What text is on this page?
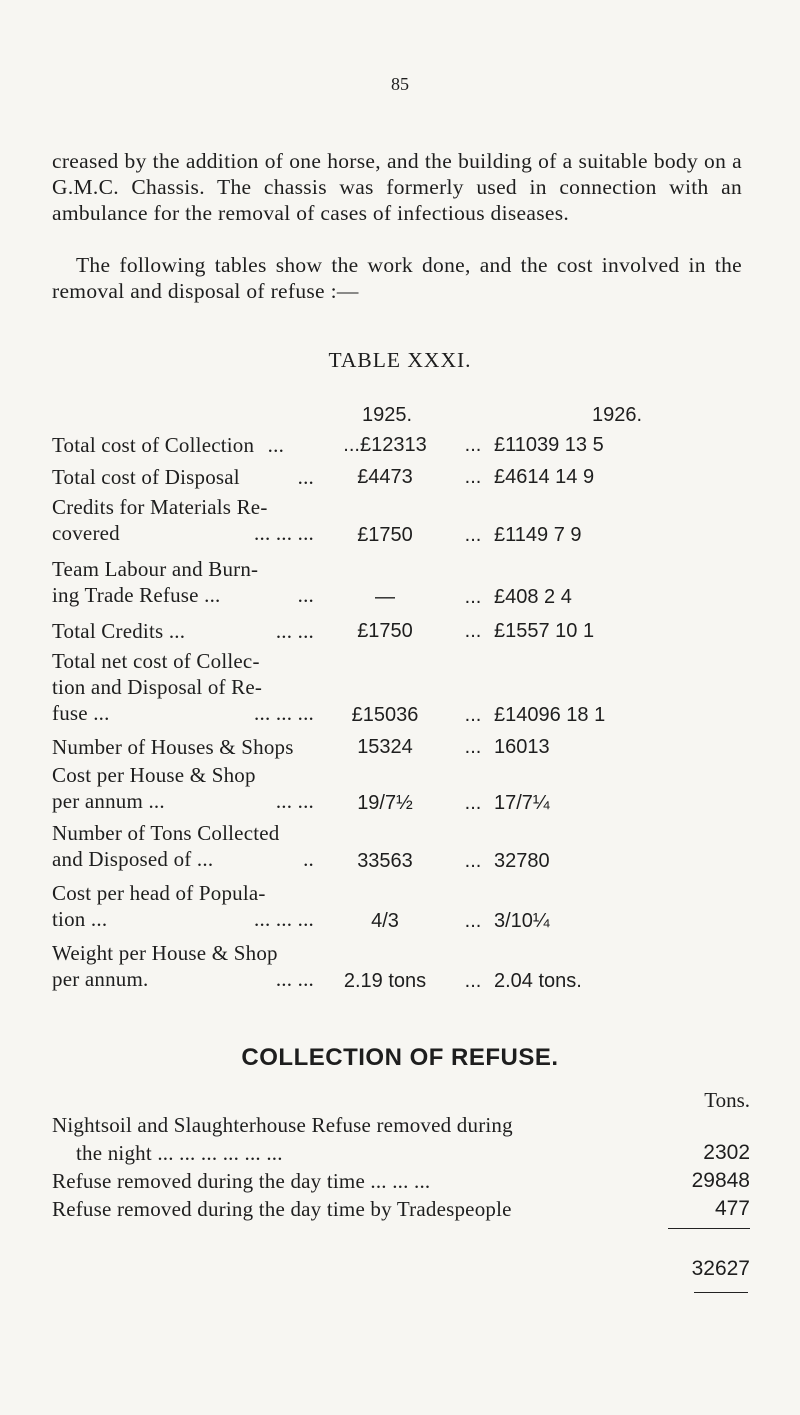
85

creased by the addition of one horse, and the building of a suitable body on a G.M.C. Chassis. The chassis was formerly used in connection with an ambulance for the removal of cases of infectious diseases.

The following tables show the work done, and the cost involved in the removal and disposal of refuse :—

TABLE XXXI.
1925.	1926.
Total cost of Collection ...	...£12313	... £11039 13 5
Total cost of Disposal	...	£4473	... £4614 14 9
Credits for Materials Re-
covered	... ... ...	£1750	... £1149 7 9
Team Labour and Burn-
ing Trade Refuse ...	...	—	... £408 2 4
Total Credits ...	... ...	£1750	... £1557 10 1
Total net cost of Collec-
tion and Disposal of Re-
fuse ...	... ... ...	£15036	... £14096 18 1
Number of Houses & Shops	15324	... 16013
Cost per House & Shop
per annum ...	... ...	19/7½	... 17/7¼
Number of Tons Collected
and Disposed of ...	..	33563	... 32780
Cost per head of Popula-
tion ...	... ... ...	4/3	... 3/10¼
Weight per House & Shop
per annum.	... ...	2.19 tons	... 2.04 tons.
COLLECTION OF REFUSE.
Tons.
Nightsoil and Slaughterhouse Refuse removed during
the night ... ... ... ... ... ...	2302
Refuse removed during the day time ... ... ...	29848
Refuse removed during the day time by Tradespeople	477
32627
